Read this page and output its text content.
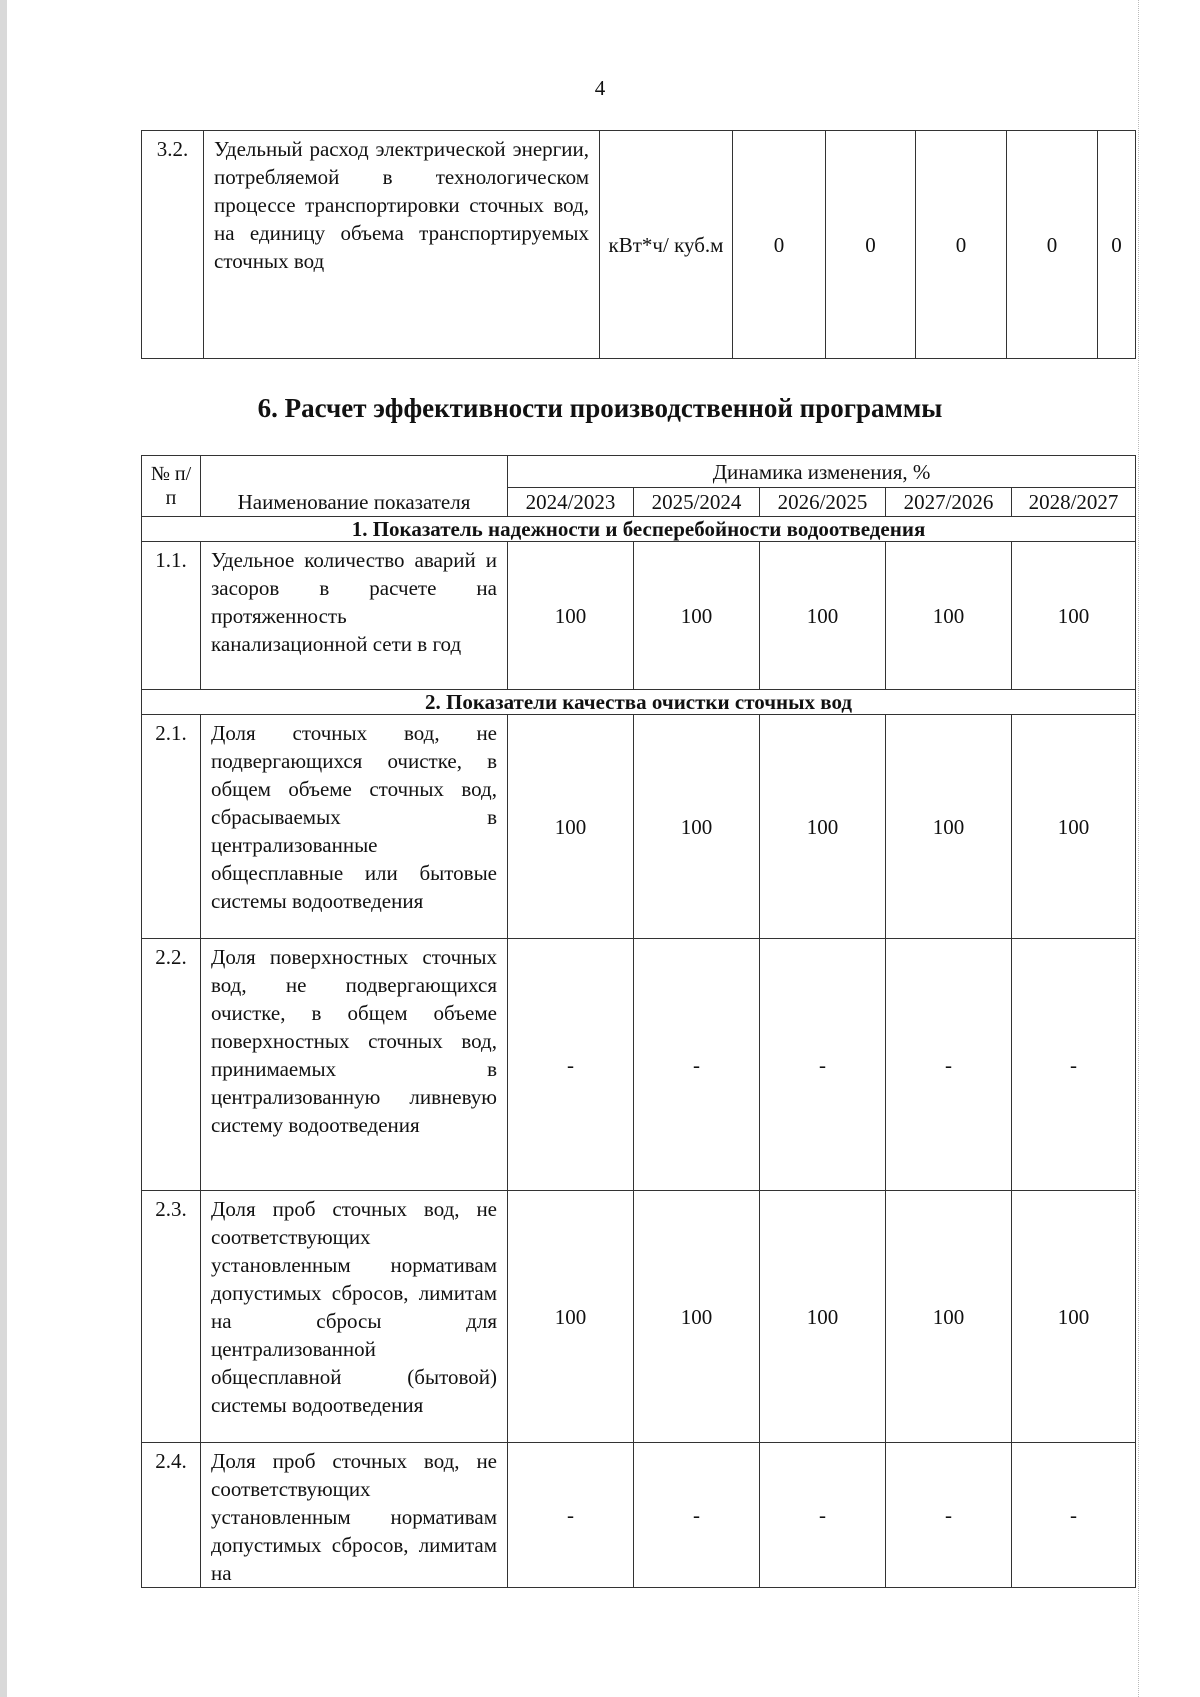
4
3.2.	Удельный расход электрической энергии, потребляемой в технологическом процессе транспортировки сточных вод, на единицу объема транспортируемых сточных вод	кВт*ч/ куб.м	0	0	0	0	0
6. Расчет эффективности производственной программы
№ п/п	Наименование показателя	Динамика изменения, %				
		2024/2023	2025/2024	2026/2025	2027/2026	2028/2027
1. Показатель надежности и бесперебойности водоотведения						
1.1.	Удельное количество аварий и засоров в расчете на протяженность канализационной сети в год	100	100	100	100	100
2. Показатели качества очистки сточных вод						
2.1.	Доля сточных вод, не подвергающихся очистке, в общем объеме сточных вод, сбрасываемых в централизованные общесплавные или бытовые системы водоотведения	100	100	100	100	100
2.2.	Доля поверхностных сточных вод, не подвергающихся очистке, в общем объеме поверхностных сточных вод, принимаемых в централизованную ливневую систему водоотведения	-	-	-	-	-
2.3.	Доля проб сточных вод, не соответствующих установленным нормативам допустимых сбросов, лимитам на сбросы для централизованной общесплавной (бытовой) системы водоотведения	100	100	100	100	100
2.4.	Доля проб сточных вод, не соответствующих установленным нормативам допустимых сбросов, лимитам на	-	-	-	-	-
